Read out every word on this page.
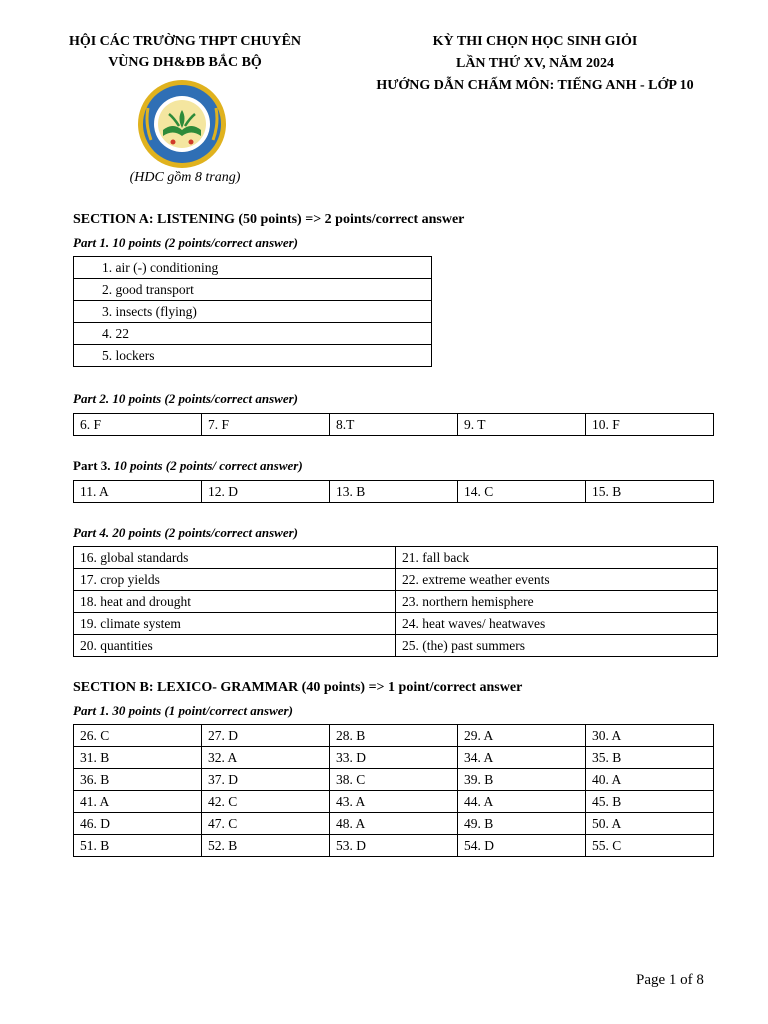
HỘI CÁC TRƯỜNG THPT CHUYÊN
VÙNG DH&ĐB BẮC BỘ
KỲ THI CHỌN HỌC SINH GIỎI
LẦN THỨ XV, NĂM 2024
HƯỚNG DẪN CHẤM MÔN: TIẾNG ANH - LỚP 10
(HDC gồm 8 trang)
SECTION A: LISTENING (50 points) => 2 points/correct answer
Part 1. 10 points (2 points/correct answer)
1. air (-) conditioning
2. good transport
3. insects (flying)
4. 22
5. lockers
Part 2. 10 points (2 points/correct answer)
6. F	7. F	8.T	9. T	10. F
Part 3. 10 points (2 points/ correct answer)
11. A	12. D	13. B	14. C	15. B
Part 4. 20 points (2 points/correct answer)
16. global standards	21. fall back
17. crop yields	22. extreme weather events
18. heat and drought	23. northern hemisphere
19. climate system	24. heat waves/ heatwaves
20. quantities	25. (the) past summers
SECTION B: LEXICO- GRAMMAR (40 points) => 1 point/correct answer
Part 1. 30 points (1 point/correct answer)
26. C	27. D	28. B	29. A	30. A
31. B	32. A	33. D	34. A	35. B
36. B	37. D	38. C	39. B	40. A
41. A	42. C	43. A	44. A	45. B
46. D	47. C	48. A	49. B	50. A
51. B	52. B	53. D	54. D	55. C
Page 1 of 8
